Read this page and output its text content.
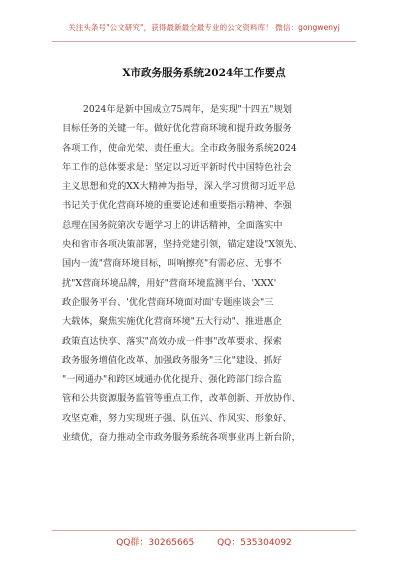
关注头条号"公文研究"，获得最新最全最专业的公文资料库！ 微信：gongwenyj
X市政务服务系统2024年工作要点
2024年是新中国成立75周年，是实现"十四五"规划
目标任务的关键一年。做好优化营商环境和提升政务服务
各项工作，使命光荣、责任重大。全市政务服务系统2024
年工作的总体要求是：坚定以习近平新时代中国特色社会
主义思想和党的XX大精神为指导，深入学习贯彻习近平总
书记关于优化营商环境的重要论述和重要指示精神、李强
总理在国务院第次专题学习上的讲话精神，全面落实中
央和省市各项决策部署，坚持党建引领，锚定建设"X领先、
国内一流"营商环境目标，叫响擦亮"有需必应、无事不
扰"X营商环境品牌，用好"营商环境监测平台、'XXX'
政企服务平台、'优化营商环境面对面'专题座谈会"三
大载体，聚焦实施优化营商环境"五大行动"、推进惠企
政策直达快享、落实"高效办成一件事"改革要求、探索
政务服务增值化改革、加强政务服务"三化"建设、抓好
"一网通办"和跨区域通办优化提升、强化跨部门综合监
管和公共资源服务监管等重点工作，改革创新、开放协作、
攻坚克难，努力实现班子强、队伍兴、作风实、形象好、
业绩优，奋力推动全市政务服务系统各项事业再上新台阶，
QQ群：30265665	QQ：535304092
